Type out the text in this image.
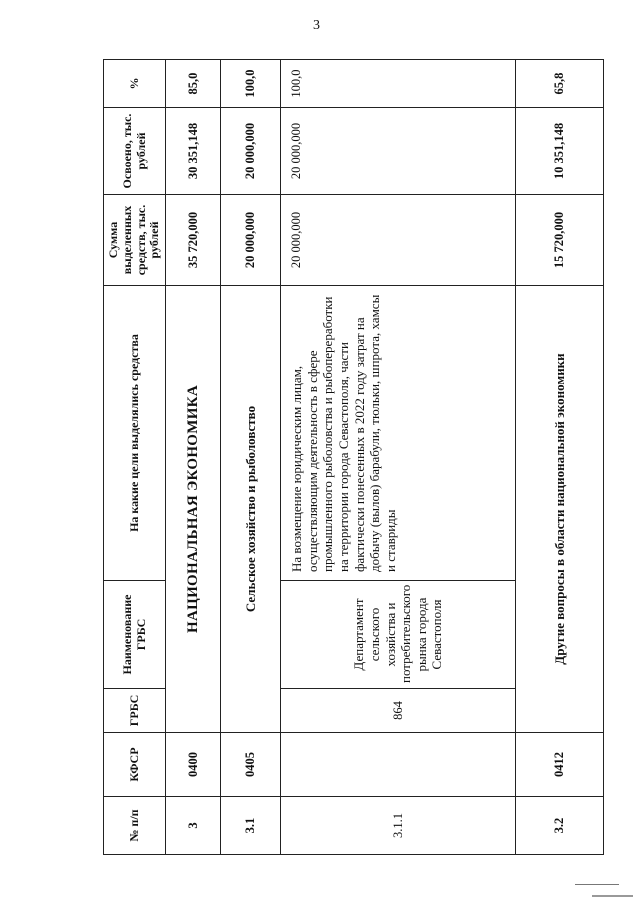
3
№ п/п	КФСР	ГРБС	Наименование ГРБС	На какие цели выделялись средства	Сумма выделенных средств, тыс. рублей	Освоено, тыс. рублей	%
3	0400	НАЦИОНАЛЬНАЯ ЭКОНОМИКА			35 720,000	30 351,148	85,0
3.1	0405	Сельское хозяйство и рыболовство			20 000,000	20 000,000	100,0
3.1.1		864	Департамент сельского хозяйства и потребительского рынка города Севастополя	На возмещение юридическим лицам, осуществляющим деятельность в сфере промышленного рыболовства и рыбопереработки на территории города Севастополя, части фактически понесенных в 2022 году затрат на добычу (вылов) барабули, тюльки, шпрота, хамсы и ставриды	20 000,000	20 000,000	100,0
3.2	0412	Другие вопросы в области национальной экономики			15 720,000	10 351,148	65,8
